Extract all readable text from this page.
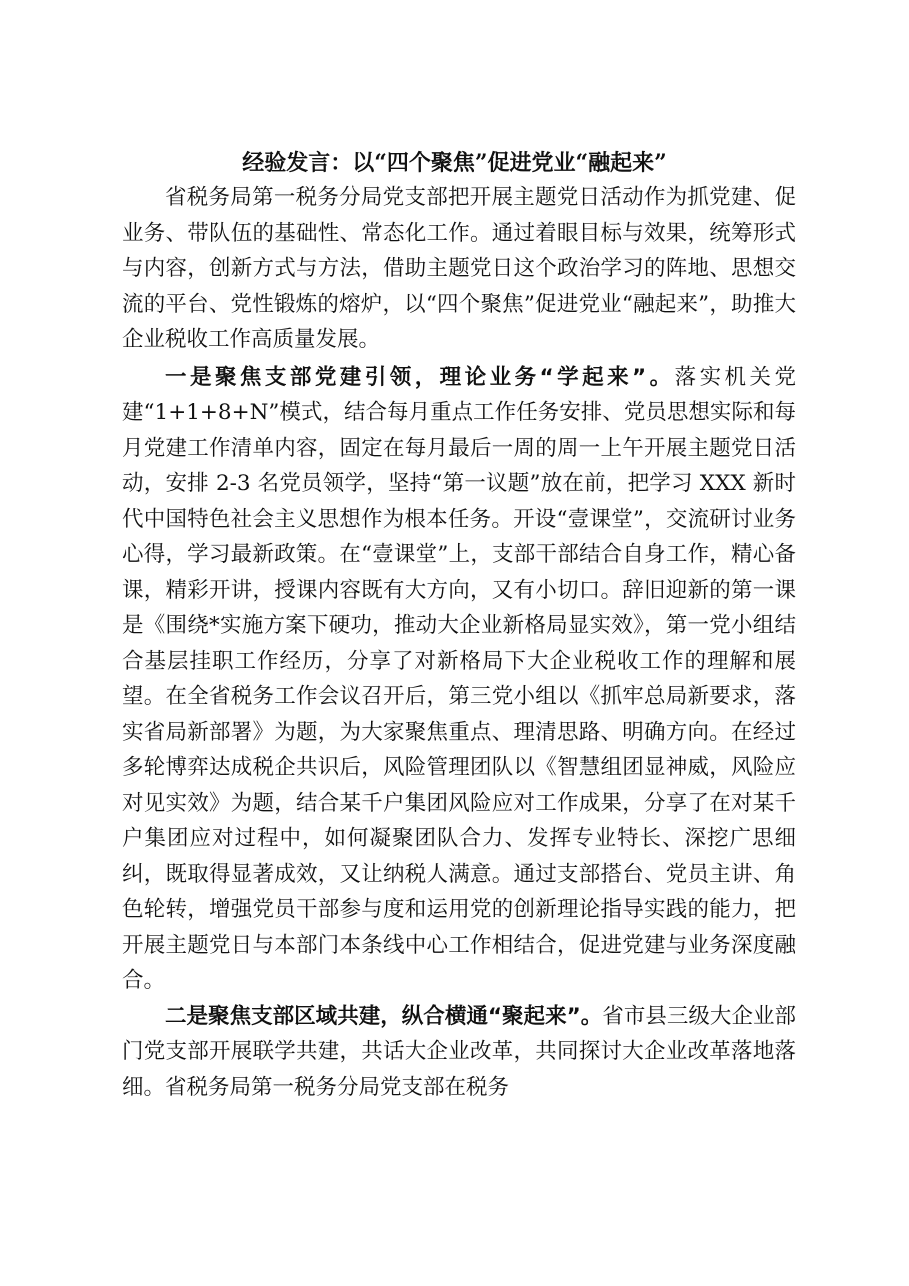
经验发言：以“四个聚焦”促进党业“融起来”

省税务局第一税务分局党支部把开展主题党日活动作为抓党建、促业务、带队伍的基础性、常态化工作。通过着眼目标与效果，统筹形式与内容，创新方式与方法，借助主题党日这个政治学习的阵地、思想交流的平台、党性锻炼的熔炉，以“四个聚焦”促进党业“融起来”，助推大企业税收工作高质量发展。

一是聚焦支部党建引领，理论业务“学起来”。落实机关党建“1+1+8+N”模式，结合每月重点工作任务安排、党员思想实际和每月党建工作清单内容，固定在每月最后一周的周一上午开展主题党日活动，安排 2-3 名党员领学，坚持“第一议题”放在前，把学习 XXX 新时代中国特色社会主义思想作为根本任务。开设“壹课堂”，交流研讨业务心得，学习最新政策。在“壹课堂”上，支部干部结合自身工作，精心备课，精彩开讲，授课内容既有大方向，又有小切口。辞旧迎新的第一课是《围绕*实施方案下硬功，推动大企业新格局显实效》，第一党小组结合基层挂职工作经历，分享了对新格局下大企业税收工作的理解和展望。在全省税务工作会议召开后，第三党小组以《抓牢总局新要求，落实省局新部署》为题，为大家聚焦重点、理清思路、明确方向。在经过多轮博弈达成税企共识后，风险管理团队以《智慧组团显神威，风险应对见实效》为题，结合某千户集团风险应对工作成果，分享了在对某千户集团应对过程中，如何凝聚团队合力、发挥专业特长、深挖广思细纠，既取得显著成效，又让纳税人满意。通过支部搭台、党员主讲、角色轮转，增强党员干部参与度和运用党的创新理论指导实践的能力，把开展主题党日与本部门本条线中心工作相结合，促进党建与业务深度融合。

二是聚焦支部区域共建，纵合横通“聚起来”。省市县三级大企业部门党支部开展联学共建，共话大企业改革，共同探讨大企业改革落地落细。省税务局第一税务分局党支部在税务
